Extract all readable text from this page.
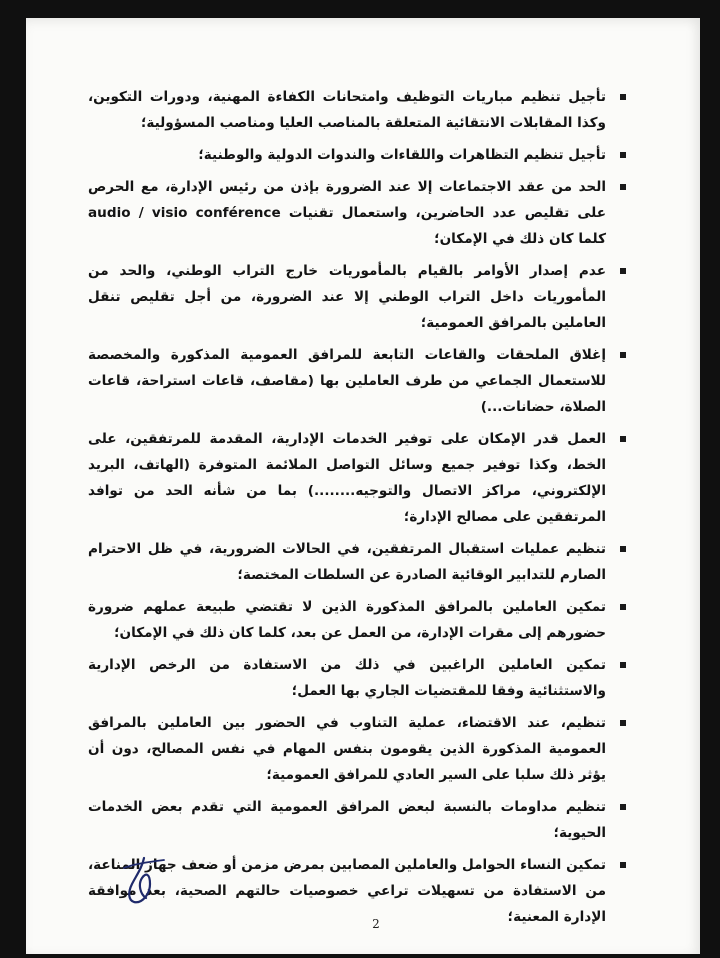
تأجيل تنظيم مباريات التوظيف وامتحانات الكفاءة المهنية، ودورات التكوين، وكذا المقابلات الانتقائية المتعلقة بالمناصب العليا ومناصب المسؤولية؛
تأجيل تنظيم التظاهرات واللقاءات والندوات الدولية والوطنية؛
الحد من عقد الاجتماعات إلا عند الضرورة بإذن من رئيس الإدارة، مع الحرص على تقليص عدد الحاضرين، واستعمال تقنيات audio / visio conférence كلما كان ذلك في الإمكان؛
عدم إصدار الأوامر بالقيام بالمأموريات خارج التراب الوطني، والحد من المأموريات داخل التراب الوطني إلا عند الضرورة، من أجل تقليص تنقل العاملين بالمرافق العمومية؛
إغلاق الملحقات والقاعات التابعة للمرافق العمومية المذكورة والمخصصة للاستعمال الجماعي من طرف العاملين بها (مقاصف، قاعات استراحة، قاعات الصلاة، حضانات...)
العمل قدر الإمكان على توفير الخدمات الإدارية، المقدمة للمرتفقين، على الخط، وكذا توفير جميع وسائل التواصل الملائمة المتوفرة (الهاتف، البريد الإلكتروني، مراكز الاتصال والتوجيه........) بما من شأنه الحد من توافد المرتفقين على مصالح الإدارة؛
تنظيم عمليات استقبال المرتفقين، في الحالات الضرورية، في ظل الاحترام الصارم للتدابير الوقائية الصادرة عن السلطات المختصة؛
تمكين العاملين بالمرافق المذكورة الذين لا تقتضي طبيعة عملهم ضرورة حضورهم إلى مقرات الإدارة، من العمل عن بعد، كلما كان ذلك في الإمكان؛
تمكين العاملين الراغبين في ذلك من الاستفادة من الرخص الإدارية والاستثنائية وفقا للمقتضيات الجاري بها العمل؛
تنظيم، عند الاقتضاء، عملية التناوب في الحضور بين العاملين بالمرافق العمومية المذكورة الذين يقومون بنفس المهام في نفس المصالح، دون أن يؤثر ذلك سلبا على السير العادي للمرافق العمومية؛
تنظيم مداومات بالنسبة لبعض المرافق العمومية التي تقدم بعض الخدمات الحيوية؛
تمكين النساء الحوامل والعاملين المصابين بمرض مزمن أو ضعف جهاز المناعة، من الاستفادة من تسهيلات تراعي خصوصيات حالتهم الصحية، بعد موافقة الإدارة المعنية؛
2
